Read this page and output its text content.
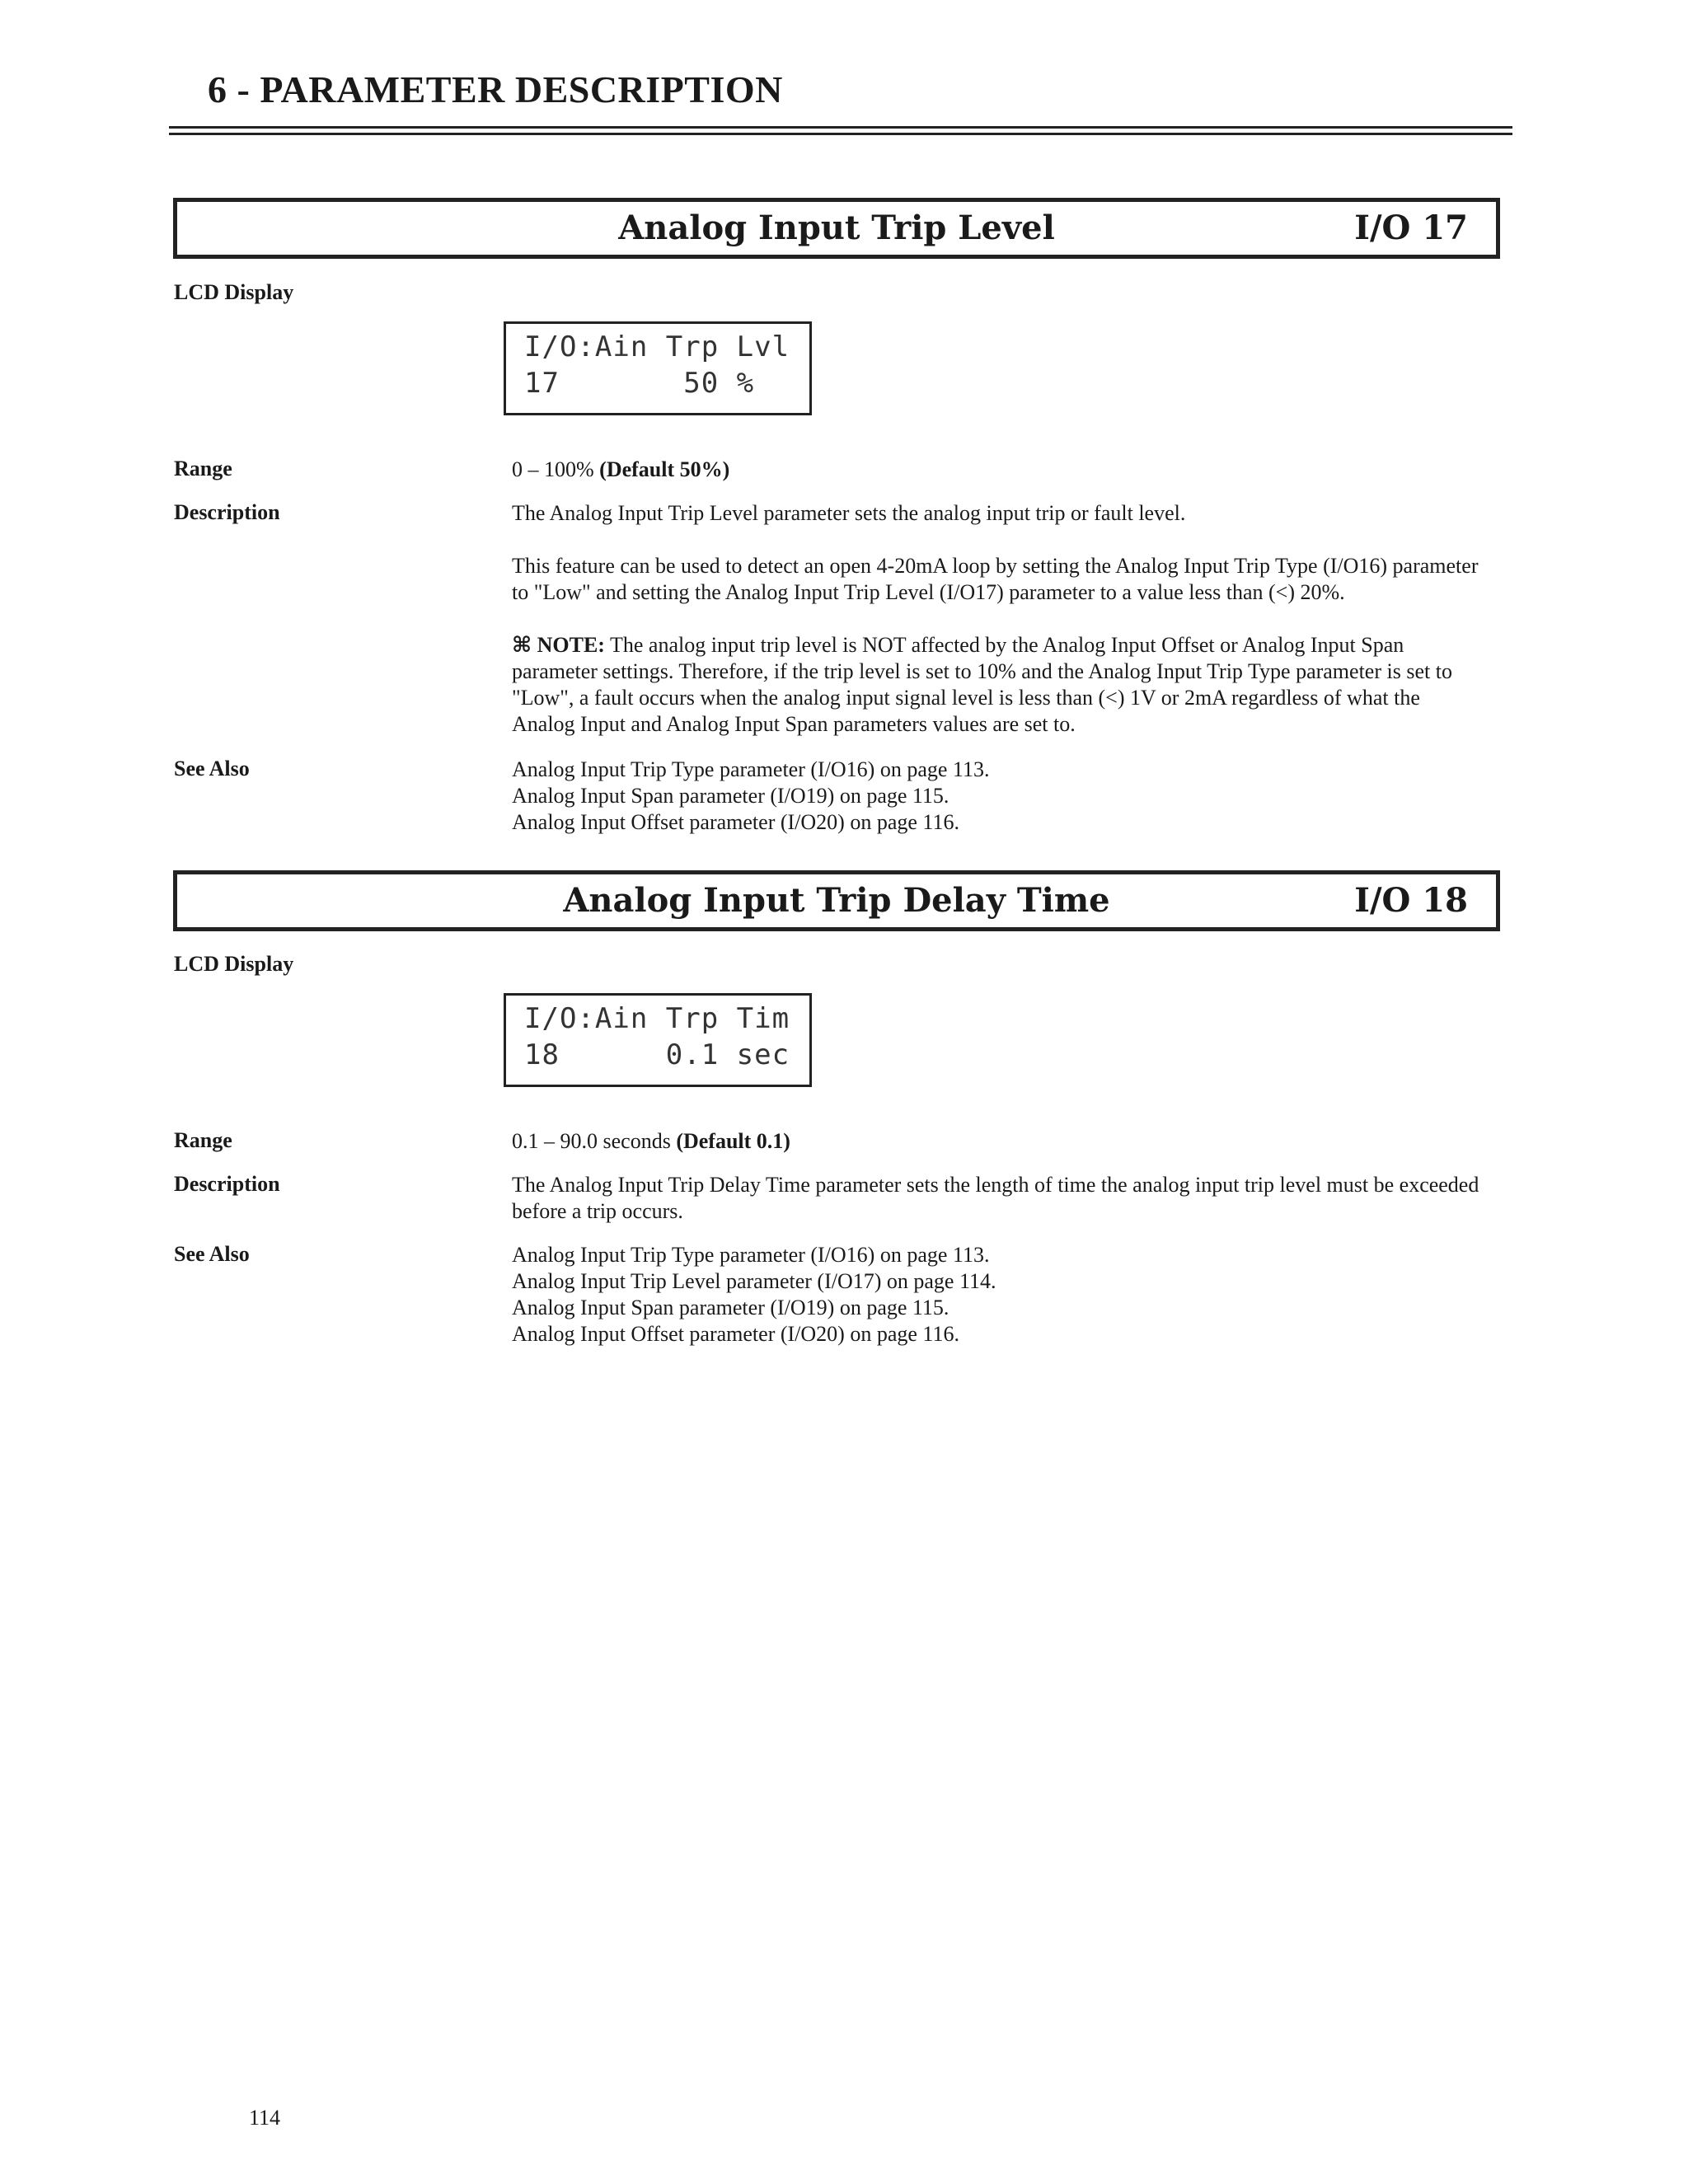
6 - PARAMETER DESCRIPTION
Analog Input Trip Level	I/O 17
LCD Display
I/O:Ain Trp Lvl
17       50 %
Range	0 – 100% (Default 50%)
Description	The Analog Input Trip Level parameter sets the analog input trip or fault level.

This feature can be used to detect an open 4-20mA loop by setting the Analog Input Trip Type (I/O16) parameter to "Low" and setting the Analog Input Trip Level (I/O17) parameter to a value less than (<) 20%.

⌘ NOTE: The analog input trip level is NOT affected by the Analog Input Offset or Analog Input Span parameter settings. Therefore, if the trip level is set to 10% and the Analog Input Trip Type parameter is set to "Low", a fault occurs when the analog input signal level is less than (<) 1V or 2mA regardless of what the Analog Input and Analog Input Span parameters values are set to.

See Also	Analog Input Trip Type parameter (I/O16) on page 113.

Analog Input Span parameter (I/O19) on page 115.

Analog Input Offset parameter (I/O20) on page 116.

Analog Input Trip Delay Time	I/O 18
LCD Display
I/O:Ain Trp Tim
18      0.1 sec
Range	0.1 – 90.0 seconds (Default 0.1)
Description	The Analog Input Trip Delay Time parameter sets the length of time the analog input trip level must be exceeded before a trip occurs.

See Also	Analog Input Trip Type parameter (I/O16) on page 113.

Analog Input Trip Level parameter (I/O17) on page 114.

Analog Input Span parameter (I/O19) on page 115.

Analog Input Offset parameter (I/O20) on page 116.

114
